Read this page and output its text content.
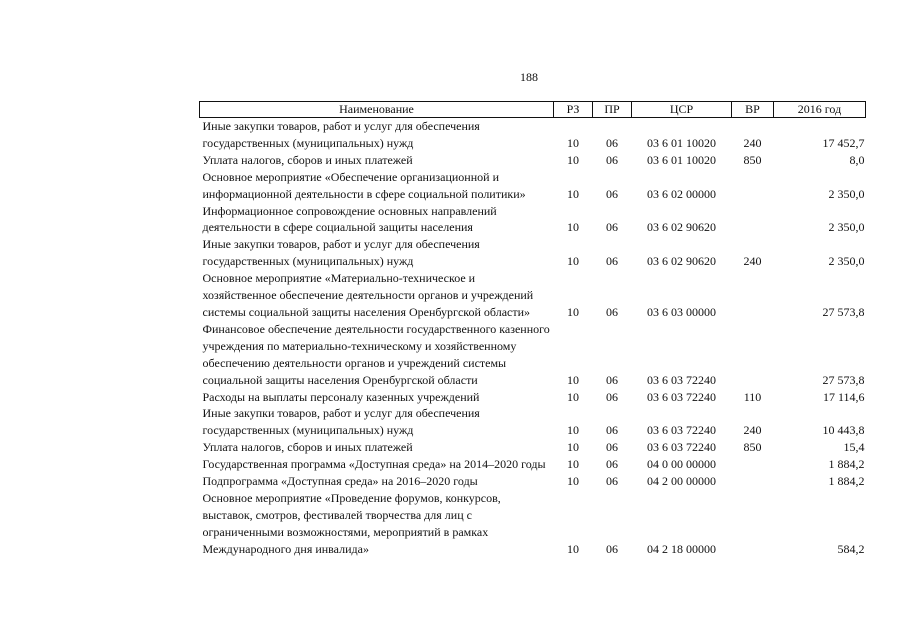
188
Наименование	РЗ	ПР	ЦСР	ВР	2016 год
Иные закупки товаров, работ и услуг для обеспечения государственных (муниципальных) нужд	10	06	03 6 01 10020	240	17 452,7
Уплата налогов, сборов и иных платежей	10	06	03 6 01 10020	850	8,0
Основное мероприятие «Обеспечение организационной и информационной деятельности в сфере социальной политики»	10	06	03 6 02 00000		2 350,0
Информационное сопровождение основных направлений деятельности в сфере социальной защиты населения	10	06	03 6 02 90620		2 350,0
Иные закупки товаров, работ и услуг для обеспечения государственных (муниципальных) нужд	10	06	03 6 02 90620	240	2 350,0
Основное мероприятие «Материально-техническое и хозяйственное обеспечение деятельности органов и учреждений системы социальной защиты населения Оренбургской области»	10	06	03 6 03 00000		27 573,8
Финансовое обеспечение деятельности государственного казенного учреждения по материально-техническому и хозяйственному обеспечению деятельности органов и учреждений системы социальной защиты населения Оренбургской области	10	06	03 6 03 72240		27 573,8
Расходы на выплаты персоналу казенных учреждений	10	06	03 6 03 72240	110	17 114,6
Иные закупки товаров, работ и услуг для обеспечения государственных (муниципальных) нужд	10	06	03 6 03 72240	240	10 443,8
Уплата налогов, сборов и иных платежей	10	06	03 6 03 72240	850	15,4
Государственная программа «Доступная среда» на 2014–2020 годы	10	06	04 0 00 00000		1 884,2
Подпрограмма «Доступная среда» на 2016–2020 годы	10	06	04 2 00 00000		1 884,2
Основное мероприятие «Проведение форумов, конкурсов, выставок, смотров, фестивалей творчества для лиц с ограниченными возможностями, мероприятий в рамках Международного дня инвалида»	10	06	04 2 18 00000		584,2
